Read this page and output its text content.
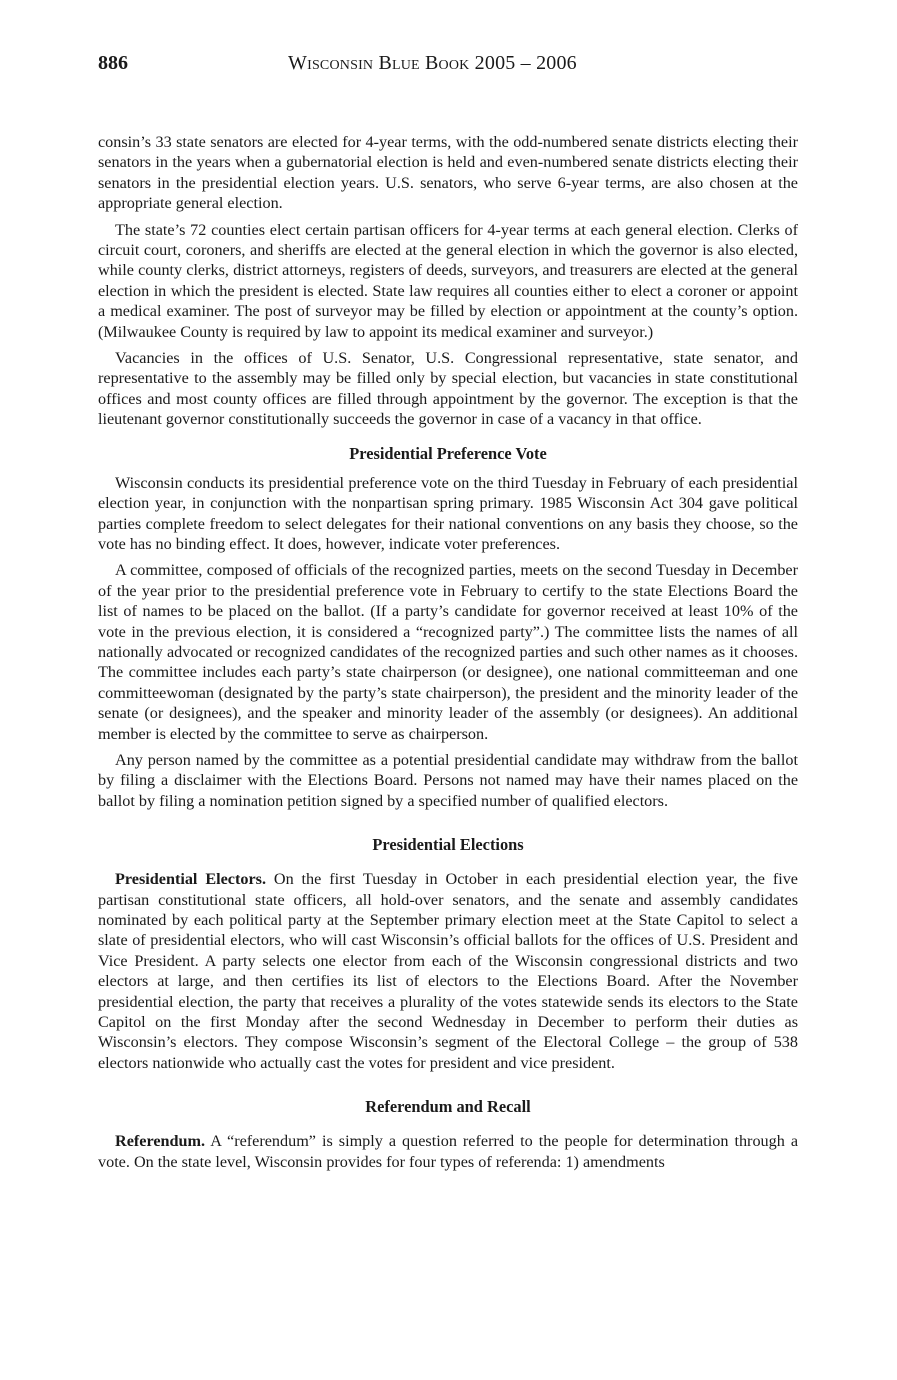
886	Wisconsin Blue Book 2005 – 2006

consin’s 33 state senators are elected for 4-year terms, with the odd-numbered senate districts electing their senators in the years when a gubernatorial election is held and even-numbered senate districts electing their senators in the presidential election years. U.S. senators, who serve 6-year terms, are also chosen at the appropriate general election.

The state’s 72 counties elect certain partisan officers for 4-year terms at each general election. Clerks of circuit court, coroners, and sheriffs are elected at the general election in which the governor is also elected, while county clerks, district attorneys, registers of deeds, surveyors, and treasurers are elected at the general election in which the president is elected. State law requires all counties either to elect a coroner or appoint a medical examiner. The post of surveyor may be filled by election or appointment at the county’s option. (Milwaukee County is required by law to appoint its medical examiner and surveyor.)

Vacancies in the offices of U.S. Senator, U.S. Congressional representative, state senator, and representative to the assembly may be filled only by special election, but vacancies in state constitutional offices and most county offices are filled through appointment by the governor. The exception is that the lieutenant governor constitutionally succeeds the governor in case of a vacancy in that office.

Presidential Preference Vote

Wisconsin conducts its presidential preference vote on the third Tuesday in February of each presidential election year, in conjunction with the nonpartisan spring primary. 1985 Wisconsin Act 304 gave political parties complete freedom to select delegates for their national conventions on any basis they choose, so the vote has no binding effect. It does, however, indicate voter preferences.

A committee, composed of officials of the recognized parties, meets on the second Tuesday in December of the year prior to the presidential preference vote in February to certify to the state Elections Board the list of names to be placed on the ballot. (If a party’s candidate for governor received at least 10% of the vote in the previous election, it is considered a “recognized party”.) The committee lists the names of all nationally advocated or recognized candidates of the recognized parties and such other names as it chooses. The committee includes each party’s state chairperson (or designee), one national committeeman and one committeewoman (designated by the party’s state chairperson), the president and the minority leader of the senate (or designees), and the speaker and minority leader of the assembly (or designees). An additional member is elected by the committee to serve as chairperson.

Any person named by the committee as a potential presidential candidate may withdraw from the ballot by filing a disclaimer with the Elections Board. Persons not named may have their names placed on the ballot by filing a nomination petition signed by a specified number of qualified electors.

Presidential Elections

Presidential Electors. On the first Tuesday in October in each presidential election year, the five partisan constitutional state officers, all hold-over senators, and the senate and assembly candidates nominated by each political party at the September primary election meet at the State Capitol to select a slate of presidential electors, who will cast Wisconsin’s official ballots for the offices of U.S. President and Vice President. A party selects one elector from each of the Wisconsin congressional districts and two electors at large, and then certifies its list of electors to the Elections Board. After the November presidential election, the party that receives a plurality of the votes statewide sends its electors to the State Capitol on the first Monday after the second Wednesday in December to perform their duties as Wisconsin’s electors. They compose Wisconsin’s segment of the Electoral College – the group of 538 electors nationwide who actually cast the votes for president and vice president.

Referendum and Recall

Referendum. A “referendum” is simply a question referred to the people for determination through a vote. On the state level, Wisconsin provides for four types of referenda: 1) amendments
